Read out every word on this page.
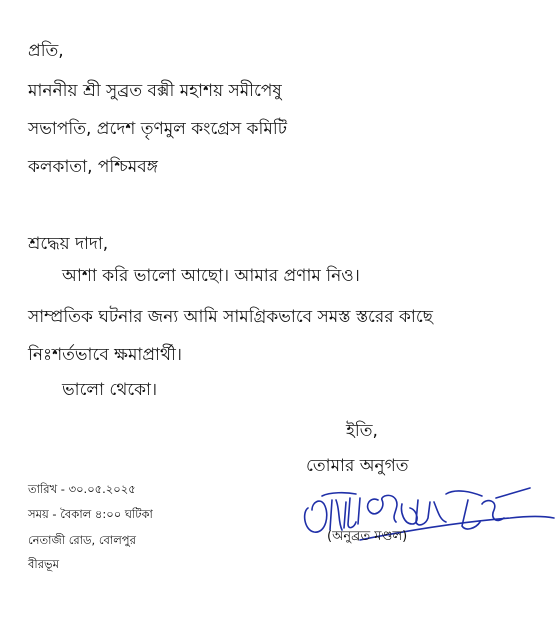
প্রতি,
মাননীয় শ্রী সুব্রত বক্সী মহাশয় সমীপেষু
সভাপতি, প্রদেশ তৃণমুল কংগ্রেস কমিটি
কলকাতা, পশ্চিমবঙ্গ
শ্রদ্ধেয় দাদা,
আশা করি ভালো আছো। আমার প্রণাম নিও।
সাম্প্রতিক ঘটনার জন্য আমি সামগ্রিকভাবে সমস্ত স্তরের কাছে
নিঃশর্তভাবে ক্ষমাপ্রার্থী।
ভালো থেকো।
ইতি,
তোমার অনুগত
(অনুব্রত মণ্ডল)
তারিখ - ৩০.০৫.২০২৫
সময় - বৈকাল ৪:০০ ঘটিকা
নেতাজী রোড, বোলপুর
বীরভূম
